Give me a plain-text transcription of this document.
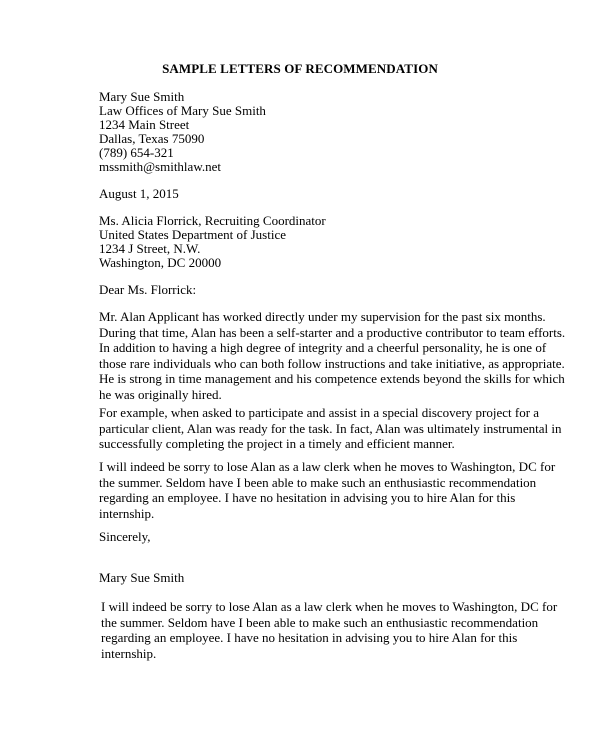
SAMPLE LETTERS OF RECOMMENDATION
Mary Sue Smith
Law Offices of Mary Sue Smith
1234 Main Street
Dallas, Texas 75090
(789) 654-321
mssmith@smithlaw.net
August 1, 2015
Ms. Alicia Florrick, Recruiting Coordinator
United States Department of Justice
1234 J Street, N.W.
Washington, DC 20000
Dear Ms. Florrick:
Mr. Alan Applicant has worked directly under my supervision for the past six months.
During that time, Alan has been a self-starter and a productive contributor to team efforts.
In addition to having a high degree of integrity and a cheerful personality, he is one of
those rare individuals who can both follow instructions and take initiative, as appropriate.
He is strong in time management and his competence extends beyond the skills for which
he was originally hired.
For example, when asked to participate and assist in a special discovery project for a
particular client, Alan was ready for the task. In fact, Alan was ultimately instrumental in
successfully completing the project in a timely and efficient manner.
I will indeed be sorry to lose Alan as a law clerk when he moves to Washington, DC for
the summer. Seldom have I been able to make such an enthusiastic recommendation
regarding an employee. I have no hesitation in advising you to hire Alan for this
internship.
Sincerely,
Mary Sue Smith
I will indeed be sorry to lose Alan as a law clerk when he moves to Washington, DC for
the summer. Seldom have I been able to make such an enthusiastic recommendation
regarding an employee. I have no hesitation in advising you to hire Alan for this
internship.
